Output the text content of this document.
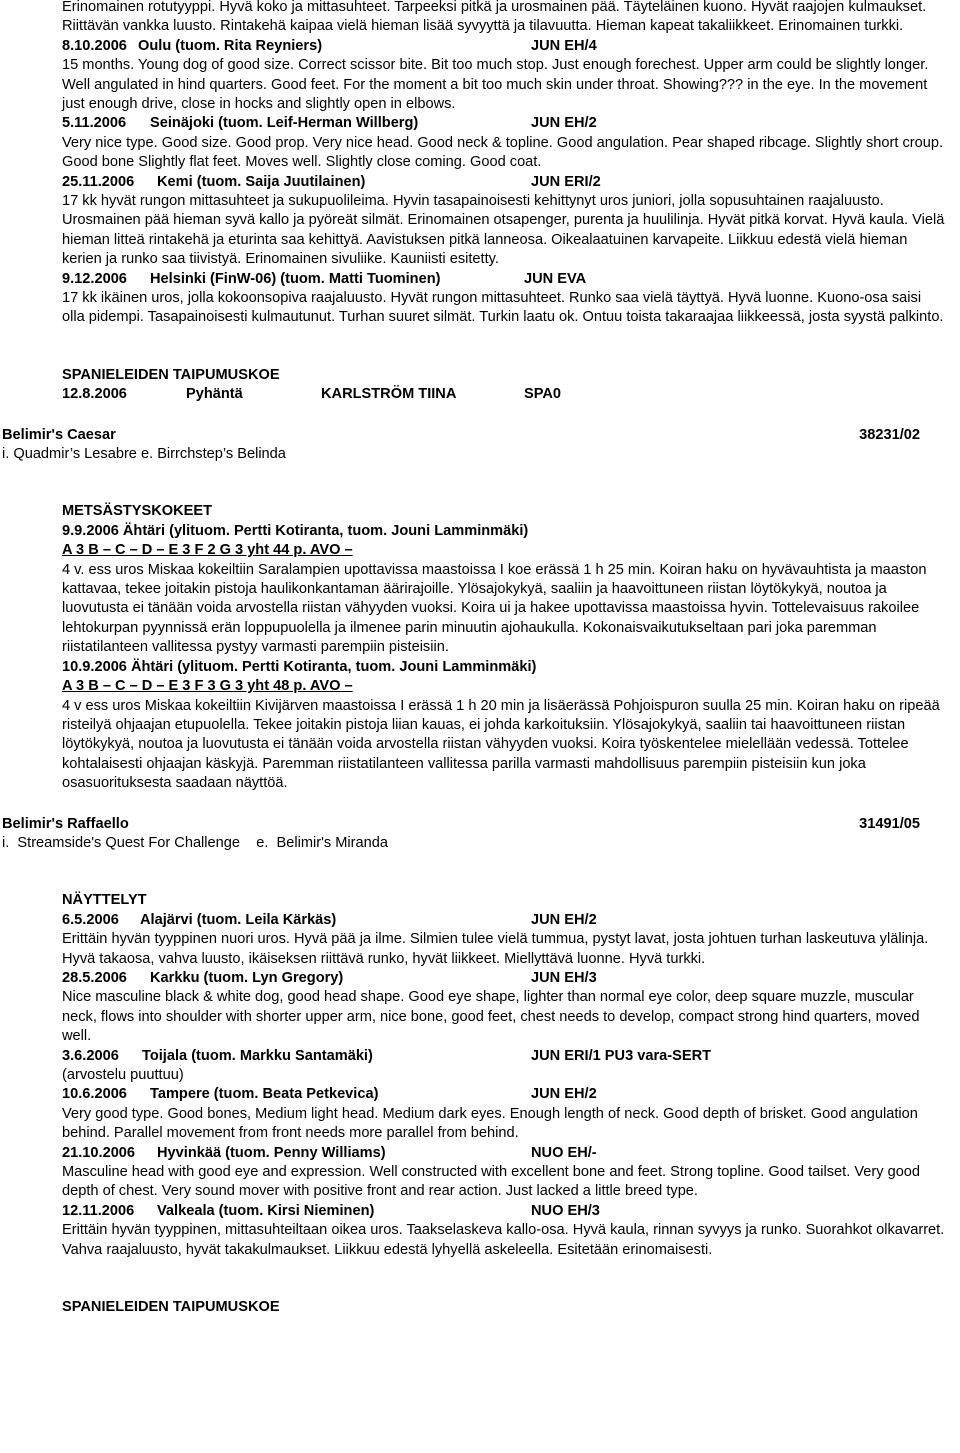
Erinomainen rotutyyppi. Hyvä koko ja mittasuhteet. Tarpeeksi pitkä ja urosmainen pää. Täyteläinen kuono. Hyvät raajojen kulmaukset. Riittävän vankka luusto. Rintakehä kaipaa vielä hieman lisää syvyyttä ja tilavuutta. Hieman kapeat takaliikkeet. Erinomainen turkki.

8.10.2006 Oulu (tuom. Rita Reyniers)	JUN EH/4

15 months. Young dog of good size. Correct scissor bite. Bit too much stop. Just enough forechest. Upper arm could be slightly longer. Well angulated in hind quarters. Good feet. For the moment a bit too much skin under throat. Showing??? in the eye. In the movement just enough drive, close in hocks and slightly open in elbows.

5.11.2006 Seinäjoki (tuom. Leif-Herman Willberg)	JUN EH/2

Very nice type. Good size. Good prop. Very nice head. Good neck & topline. Good angulation. Pear shaped ribcage. Slightly short croup. Good bone Slightly flat feet. Moves well. Slightly close coming. Good coat.

25.11.2006 Kemi (tuom. Saija Juutilainen)	JUN ERI/2

17 kk hyvät rungon mittasuhteet ja sukupuolileima. Hyvin tasapainoisesti kehittynyt uros juniori, jolla sopusuhtainen raajaluusto. Urosmainen pää hieman syvä kallo ja pyöreät silmät. Erinomainen otsapenger, purenta ja huulilinja. Hyvät pitkä korvat. Hyvä kaula. Vielä hieman litteä rintakehä ja eturinta saa kehittyä. Aavistuksen pitkä lanneosa. Oikealaatuinen karvapeite. Liikkuu edestä vielä hieman kerien ja runko saa tiivistyä. Erinomainen sivuliike. Kauniisti esitetty.

9.12.2006 Helsinki (FinW-06) (tuom. Matti Tuominen)	JUN EVA

17 kk ikäinen uros, jolla kokoonsopiva raajaluusto. Hyvät rungon mittasuhteet. Runko saa vielä täyttyä. Hyvä luonne. Kuono-osa saisi olla pidempi. Tasapainoisesti kulmautunut. Turhan suuret silmät. Turkin laatu ok. Ontuu toista takaraajaa liikkeessä, josta syystä palkinto.

SPANIELEIDEN TAIPUMUSKOE

12.8.2006	Pyhäntä	KARLSTRÖM TIINA	SPA0
Belimir's Caesar	38231/02

i. Quadmir’s Lesabre e. Birrchstep’s Belinda

METSÄSTYSKOKEET

9.9.2006 Ähtäri (ylituom. Pertti Kotiranta, tuom. Jouni Lamminmäki)

A 3 B – C – D – E 3 F 2 G 3 yht 44 p. AVO –

4 v. ess uros Miskaa kokeiltiin Saralampien upottavissa maastoissa I koe erässä 1 h 25 min. Koiran haku on hyvävauhtista ja maaston kattavaa, tekee joitakin pistoja haulikonkantaman äärirajoille. Ylösajokykyä, saaliin ja haavoittuneen riistan löytökykyä, noutoa ja luovutusta ei tänään voida arvostella riistan vähyyden vuoksi. Koira ui ja hakee upottavissa maastoissa hyvin. Tottelevaisuus rakoilee lehtokurpan pyynnissä erän loppupuolella ja ilmenee parin minuutin ajohaukulla. Kokonaisvaikutukseltaan pari joka paremman riistatilanteen vallitessa pystyy varmasti parempiin pisteisiin.

10.9.2006 Ähtäri (ylituom. Pertti Kotiranta, tuom. Jouni Lamminmäki)

A 3 B – C – D – E 3 F 3 G 3 yht 48 p. AVO –

4 v ess uros Miskaa kokeiltiin Kivijärven maastoissa I erässä 1 h 20 min ja lisäerässä Pohjoispuron suulla 25 min. Koiran haku on ripeää risteilyä ohjaajan etupuolella. Tekee joitakin pistoja liian kauas, ei johda karkoituksiin. Ylösajokykyä, saaliin tai haavoittuneen riistan löytökykyä, noutoa ja luovutusta ei tänään voida arvostella riistan vähyyden vuoksi. Koira työskentelee mielellään vedessä. Tottelee kohtalaisesti ohjaajan käskyjä. Paremman riistatilanteen vallitessa parilla varmasti mahdollisuus parempiin pisteisiin kun joka osasuorituksesta saadaan näyttöä.

Belimir's Raffaello	31491/05

i.  Streamside's Quest For Challenge    e.  Belimir's Miranda

NÄYTTELYT

6.5.2006 Alajärvi (tuom. Leila Kärkäs)	JUN EH/2

Erittäin hyvän tyyppinen nuori uros. Hyvä pää ja ilme. Silmien tulee vielä tummua, pystyt lavat, josta johtuen turhan laskeutuva ylälinja. Hyvä takaosa, vahva luusto, ikäiseksen riittävä runko, hyvät liikkeet. Miellyttävä luonne. Hyvä turkki.

28.5.2006 Karkku (tuom. Lyn Gregory)	JUN EH/3

Nice masculine black & white dog, good head shape. Good eye shape, lighter than normal eye color, deep square muzzle, muscular neck, flows into shoulder with shorter upper arm, nice bone, good feet, chest needs to develop, compact strong hind quarters, moved well.

3.6.2006 Toijala (tuom. Markku Santamäki)	JUN ERI/1 PU3 vara-SERT

(arvostelu puuttuu)

10.6.2006 Tampere (tuom. Beata Petkevica)	JUN EH/2

Very good type. Good bones, Medium light head. Medium dark eyes. Enough length of neck. Good depth of brisket. Good angulation behind. Parallel movement from front needs more parallel from behind.

21.10.2006 Hyvinkää (tuom. Penny Williams)	NUO EH/-

Masculine head with good eye and expression. Well constructed with excellent bone and feet. Strong topline. Good tailset. Very good depth of chest. Very sound mover with positive front and rear action. Just lacked a little breed type.

12.11.2006 Valkeala (tuom. Kirsi Nieminen)	NUO EH/3

Erittäin hyvän tyyppinen, mittasuhteiltaan oikea uros. Taakselaskeva kallo-osa. Hyvä kaula, rinnan syvyys ja runko. Suorahkot olkavarret. Vahva raajaluusto, hyvät takakulmaukset. Liikkuu edestä lyhyellä askeleella. Esitetään erinomaisesti.

SPANIELEIDEN TAIPUMUSKOE
